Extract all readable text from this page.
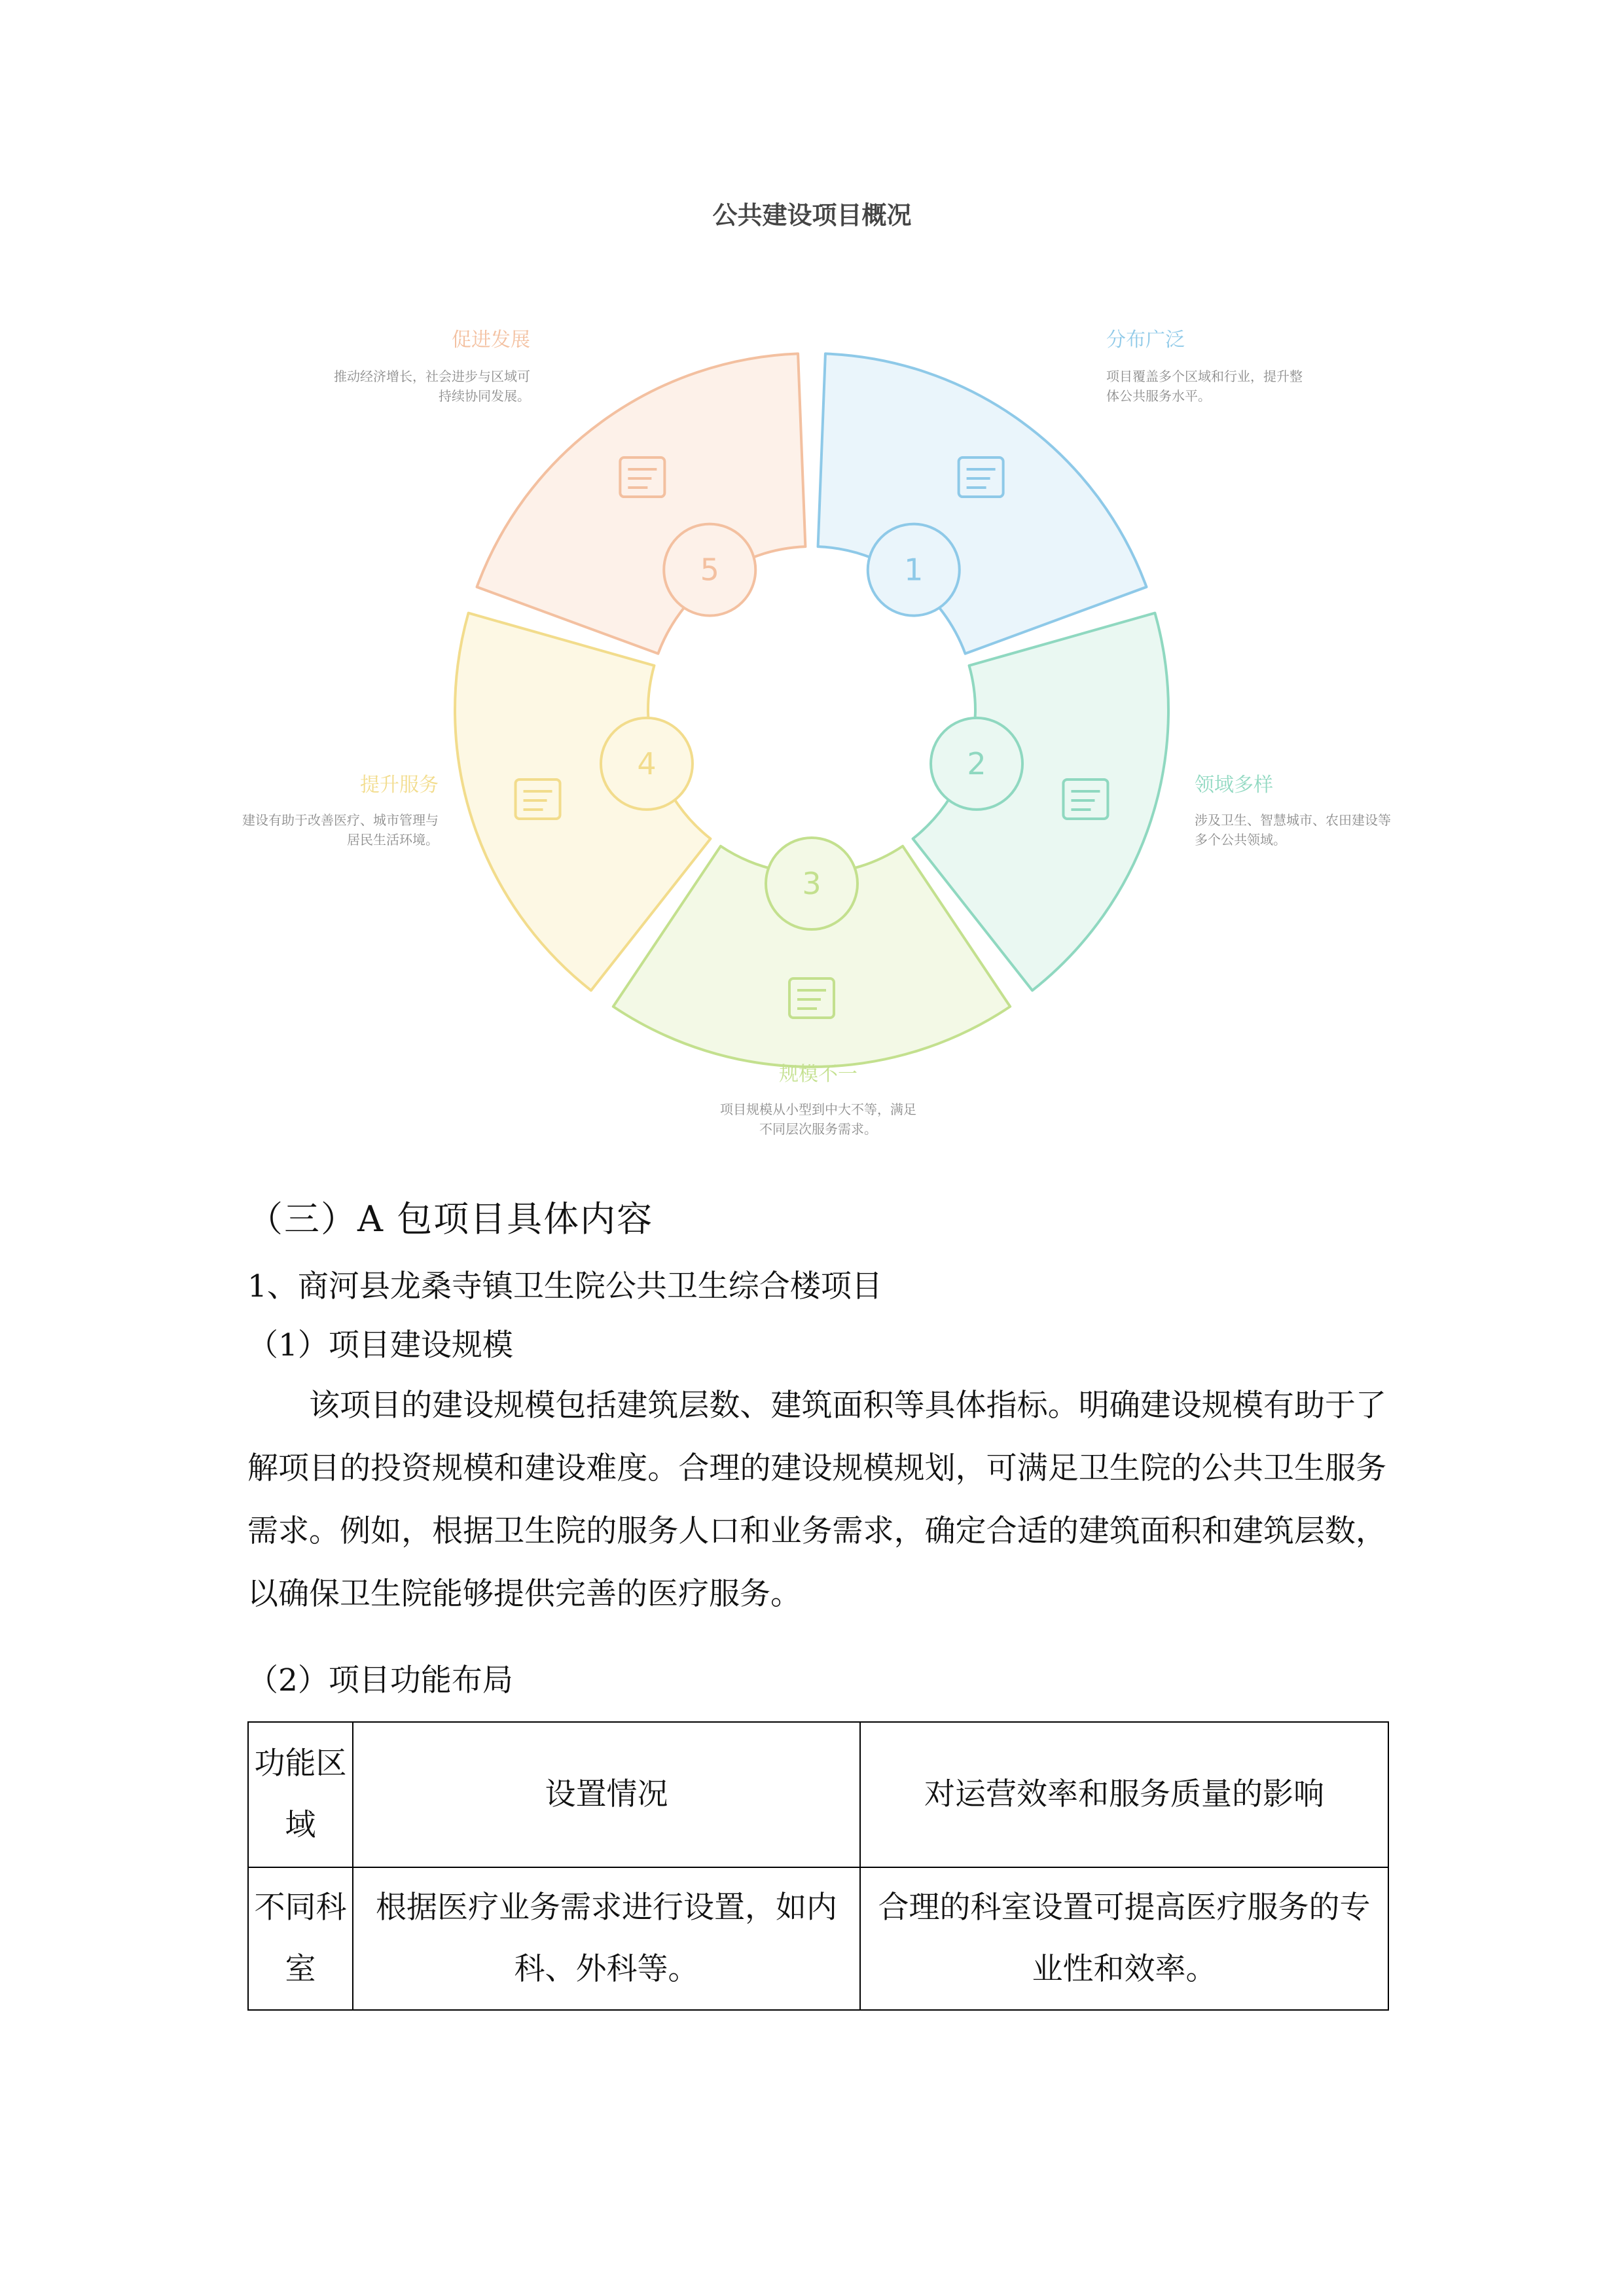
1
2
3
4
5
公共建设项目概况
分布广泛
项目覆盖多个区域和行业，提升整体公共服务水平。
领域多样
涉及卫生、智慧城市、农田建设等多个公共领域。
规模不一
项目规模从小型到中大不等，满足不同层次服务需求。
提升服务
建设有助于改善医疗、城市管理与居民生活环境。
促进发展
推动经济增长，社会进步与区域可持续协同发展。
（三）A 包项目具体内容
1、商河县龙桑寺镇卫生院公共卫生综合楼项目
（1）项目建设规模
该项目的建设规模包括建筑层数、建筑面积等具体指标。明确建设规模有助于了解项目的投资规模和建设难度。合理的建设规模规划，可满足卫生院的公共卫生服务需求。例如，根据卫生院的服务人口和业务需求，确定合适的建筑面积和建筑层数，以确保卫生院能够提供完善的医疗服务。
（2）项目功能布局
功能区域	设置情况	对运营效率和服务质量的影响
不同科室	根据医疗业务需求进行设置，如内科、外科等。	合理的科室设置可提高医疗服务的专业性和效率。
